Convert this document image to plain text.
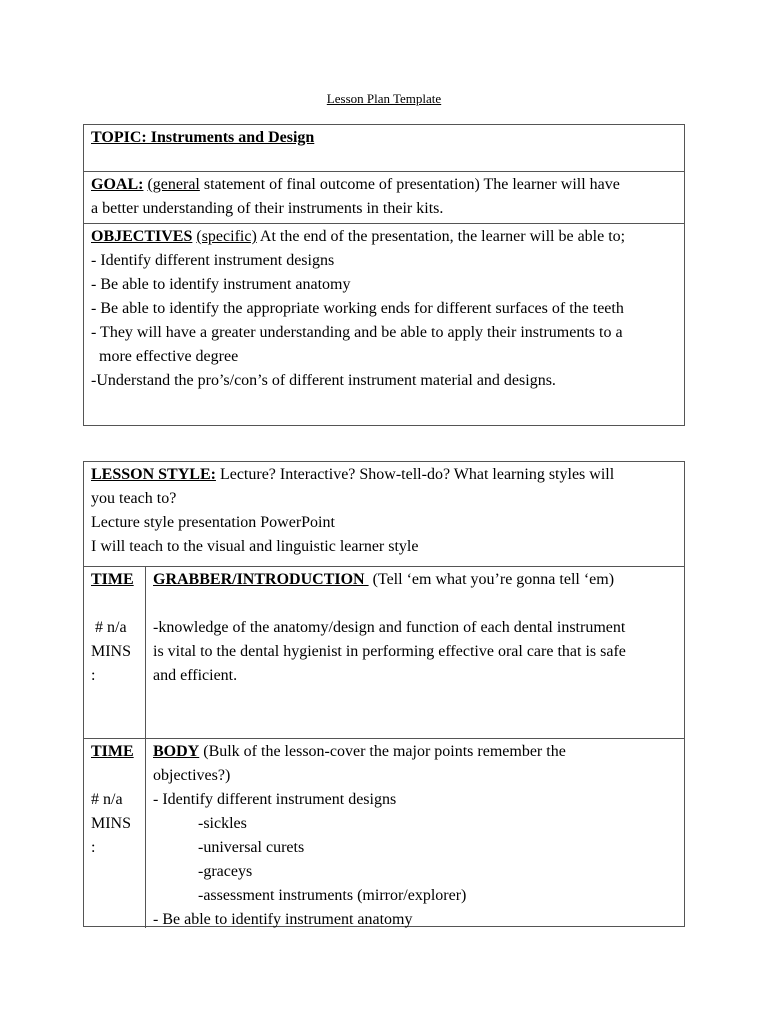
Lesson Plan Template
TOPIC: Instruments and Design
GOAL: (general statement of final outcome of presentation) The learner will have
a better understanding of their instruments in their kits.
OBJECTIVES (specific) At the end of the presentation, the learner will be able to;
- Identify different instrument designs
- Be able to identify instrument anatomy
- Be able to identify the appropriate working ends for different surfaces of the teeth
- They will have a greater understanding and be able to apply their instruments to a
more effective degree
-Understand the pro’s/con’s of different instrument material and designs.
LESSON STYLE: Lecture? Interactive? Show-tell-do? What learning styles will
you teach to?
Lecture style presentation PowerPoint
I will teach to the visual and linguistic learner style
TIME

# n/a
MINS
:
GRABBER/INTRODUCTION  (Tell ‘em what you’re gonna tell ‘em)

-knowledge of the anatomy/design and function of each dental instrument
is vital to the dental hygienist in performing effective oral care that is safe
and efficient.
TIME

# n/a
MINS
:
BODY (Bulk of the lesson-cover the major points remember the
objectives?)
- Identify different instrument designs
-sickles
-universal curets
-graceys
-assessment instruments (mirror/explorer)
- Be able to identify instrument anatomy
